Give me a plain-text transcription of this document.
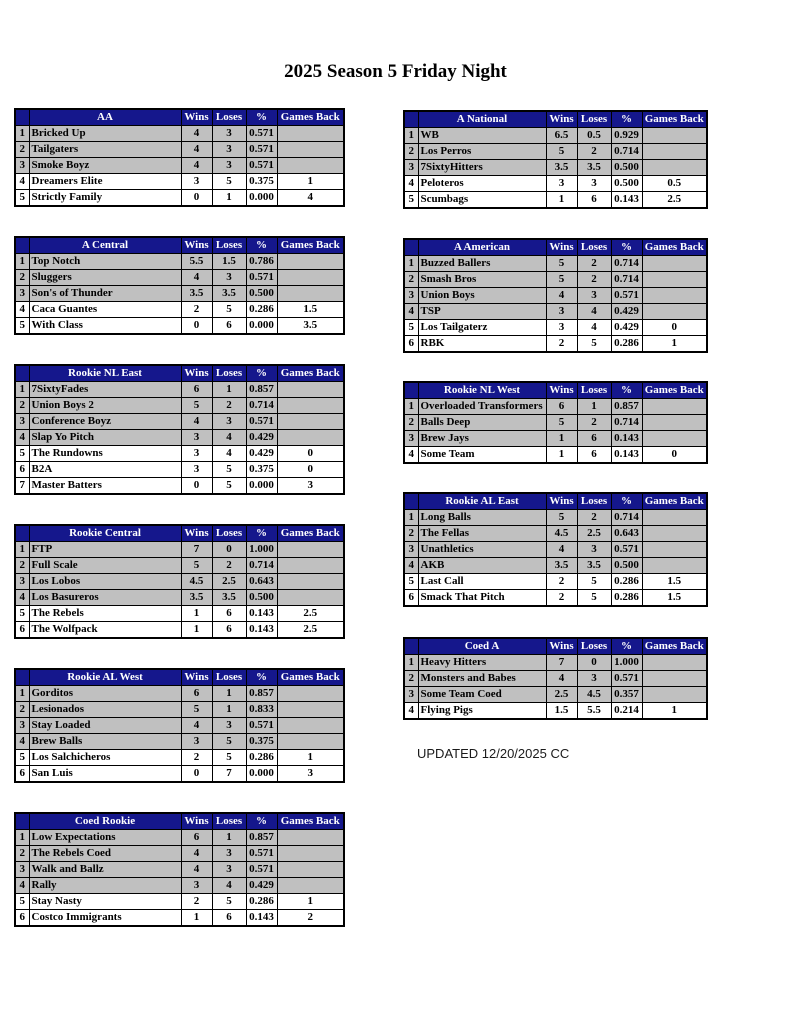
2025 Season 5 Friday Night
	AA	Wins	Loses	%	Games Back
1	Bricked Up	4	3	0.571	
2	Tailgaters	4	3	0.571	
3	Smoke Boyz	4	3	0.571	
4	Dreamers Elite	3	5	0.375	1
5	Strictly Family	0	1	0.000	4
	A Central	Wins	Loses	%	Games Back
1	Top Notch	5.5	1.5	0.786	
2	Sluggers	4	3	0.571	
3	Son's of Thunder	3.5	3.5	0.500	
4	Caca Guantes	2	5	0.286	1.5
5	With Class	0	6	0.000	3.5
	Rookie NL East	Wins	Loses	%	Games Back
1	7SixtyFades	6	1	0.857	
2	Union Boys 2	5	2	0.714	
3	Conference Boyz	4	3	0.571	
4	Slap Yo Pitch	3	4	0.429	
5	The Rundowns	3	4	0.429	0
6	B2A	3	5	0.375	0
7	Master Batters	0	5	0.000	3
	Rookie Central	Wins	Loses	%	Games Back
1	FTP	7	0	1.000	
2	Full Scale	5	2	0.714	
3	Los Lobos	4.5	2.5	0.643	
4	Los Basureros	3.5	3.5	0.500	
5	The Rebels	1	6	0.143	2.5
6	The Wolfpack	1	6	0.143	2.5
	Rookie AL West	Wins	Loses	%	Games Back
1	Gorditos	6	1	0.857	
2	Lesionados	5	1	0.833	
3	Stay Loaded	4	3	0.571	
4	Brew Balls	3	5	0.375	
5	Los Salchicheros	2	5	0.286	1
6	San Luis	0	7	0.000	3
	Coed Rookie	Wins	Loses	%	Games Back
1	Low Expectations	6	1	0.857	
2	The Rebels Coed	4	3	0.571	
3	Walk and Ballz	4	3	0.571	
4	Rally	3	4	0.429	
5	Stay Nasty	2	5	0.286	1
6	Costco Immigrants	1	6	0.143	2
	A National	Wins	Loses	%	Games Back
1	WB	6.5	0.5	0.929	
2	Los Perros	5	2	0.714	
3	7SixtyHitters	3.5	3.5	0.500	
4	Peloteros	3	3	0.500	0.5
5	Scumbags	1	6	0.143	2.5
	A American	Wins	Loses	%	Games Back
1	Buzzed Ballers	5	2	0.714	
2	Smash Bros	5	2	0.714	
3	Union Boys	4	3	0.571	
4	TSP	3	4	0.429	
5	Los Tailgaterz	3	4	0.429	0
6	RBK	2	5	0.286	1
	Rookie NL West	Wins	Loses	%	Games Back
1	Overloaded Transformers	6	1	0.857	
2	Balls Deep	5	2	0.714	
3	Brew Jays	1	6	0.143	
4	Some Team	1	6	0.143	0
	Rookie AL East	Wins	Loses	%	Games Back
1	Long Balls	5	2	0.714	
2	The Fellas	4.5	2.5	0.643	
3	Unathletics	4	3	0.571	
4	AKB	3.5	3.5	0.500	
5	Last Call	2	5	0.286	1.5
6	Smack That Pitch	2	5	0.286	1.5
	Coed A	Wins	Loses	%	Games Back
1	Heavy Hitters	7	0	1.000	
2	Monsters and Babes	4	3	0.571	
3	Some Team Coed	2.5	4.5	0.357	
4	Flying Pigs	1.5	5.5	0.214	1
UPDATED 12/20/2025 CC
